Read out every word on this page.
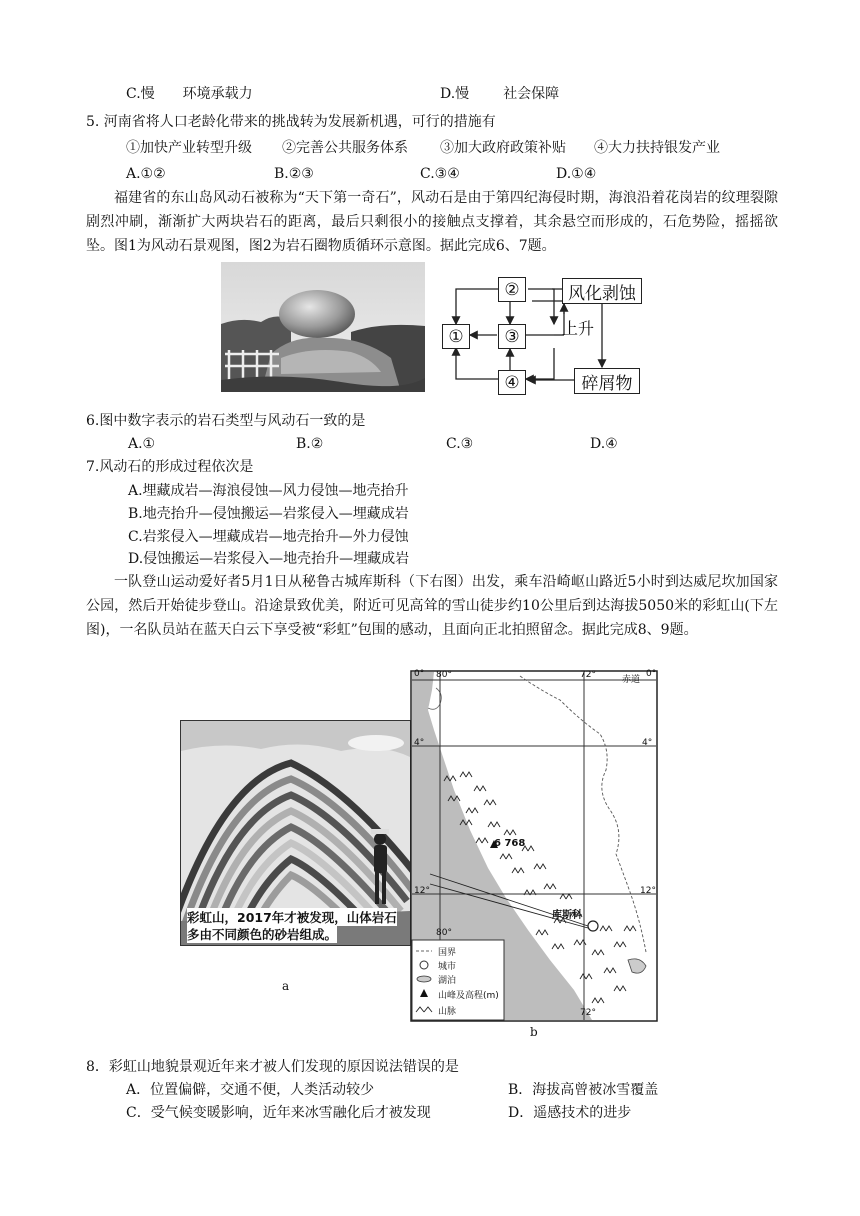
C.慢 环境承载力	D.慢 社会保障
5. 河南省将人口老龄化带来的挑战转为发展新机遇，可行的措施有
①加快产业转型升级 ②完善公共服务体系 ③加大政府政策补贴 ④大力扶持银发产业
A.①②	B.②③	C.③④	D.①④
福建省的东山岛风动石被称为“天下第一奇石”，风动石是由于第四纪海侵时期，海浪沿着花岗岩的纹理裂隙剧烈冲刷，渐渐扩大两块岩石的距离，最后只剩很小的接触点支撑着，其余悬空而形成的，石危势险，摇摇欲坠。图1为风动石景观图，图2为岩石圈物质循环示意图。据此完成6、7题。
②
①	③
④
风化剥蚀
上升
碎屑物
6.图中数字表示的岩石类型与风动石一致的是
A.①	B.②	C.③	D.④
7.风动石的形成过程依次是
A.埋藏成岩—海浪侵蚀—风力侵蚀—地壳抬升
B.地壳抬升—侵蚀搬运—岩浆侵入—埋藏成岩
C.岩浆侵入—埋藏成岩—地壳抬升—外力侵蚀
D.侵蚀搬运—岩浆侵入—地壳抬升—埋藏成岩
一队登山运动爱好者5月1日从秘鲁古城库斯科（下右图）出发，乘车沿崎岖山路近5小时到达威尼坎加国家公园，然后开始徒步登山。沿途景致优美，附近可见高耸的雪山徒步约10公里后到达海拔5050米的彩虹山(下左图)，一名队员站在蓝天白云下享受被“彩虹”包围的感动，且面向正北拍照留念。据此完成8、9题。
彩虹山，2017年才被发现，山体岩石
多由不同颜色的砂岩组成。
a
80°	72°
0°
赤道
0°
4°	4°
12°	12°
80°
72°
6 768
库斯科
国界
城市
湖泊
山峰及高程(m)
山脉
b
8．彩虹山地貌景观近年来才被人们发现的原因说法错误的是
A．位置偏僻，交通不便，人类活动较少	B．海拔高曾被冰雪覆盖
C．受气候变暖影响，近年来冰雪融化后才被发现	D．遥感技术的进步
